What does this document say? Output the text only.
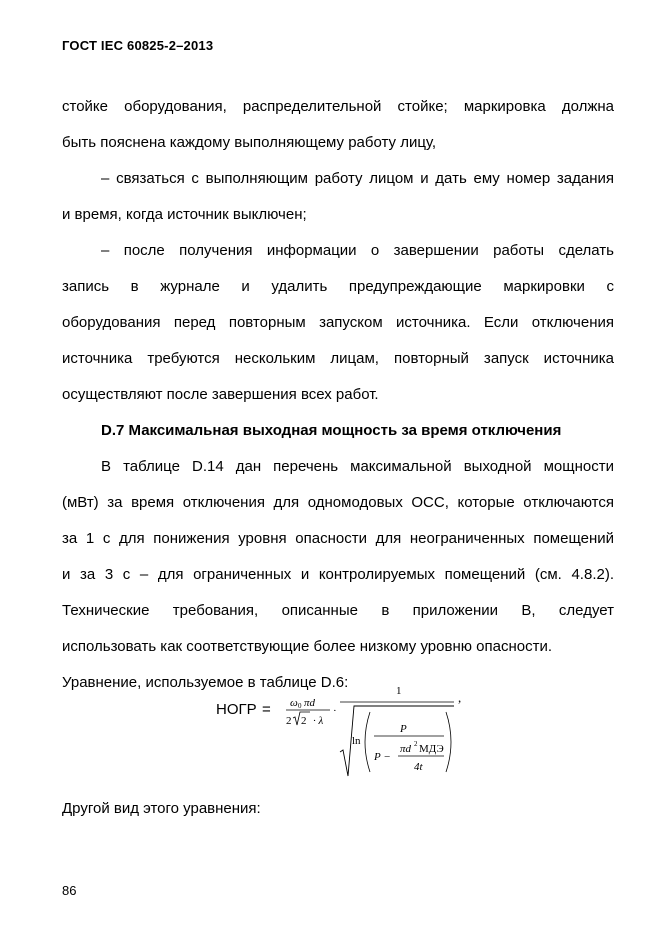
ГОСТ IEC 60825-2–2013
стойке оборудования, распределительной стойке; маркировка должна
быть пояснена каждому выполняющему работу лицу,
– связаться с выполняющим работу лицом и дать ему номер задания
и время, когда источник выключен;
– после получения информации о завершении работы сделать
запись в журнале и удалить предупреждающие маркировки с
оборудования перед повторным запуском источника. Если отключения
источника требуются нескольким лицам, повторный запуск источника
осуществляют после завершения всех работ.
D.7 Максимальная выходная мощность за время отключения
В таблице D.14 дан перечень максимальной выходной мощности
(мВт) за время отключения для одномодовых ОСС, которые отключаются
за 1 с для понижения уровня опасности для неограниченных помещений
и за 3 с – для ограниченных и контролируемых помещений (см. 4.8.2).
Технические требования, описанные в приложении B, следует
использовать как соответствующие более низкому уровню опасности.
Уравнение, используемое в таблице D.6:
НОГР = ω 0 πd
2 2 · λ
·
1
ln
P
P −
πd 2 МДЭ
4t
,
Другой вид этого уравнения:
86
